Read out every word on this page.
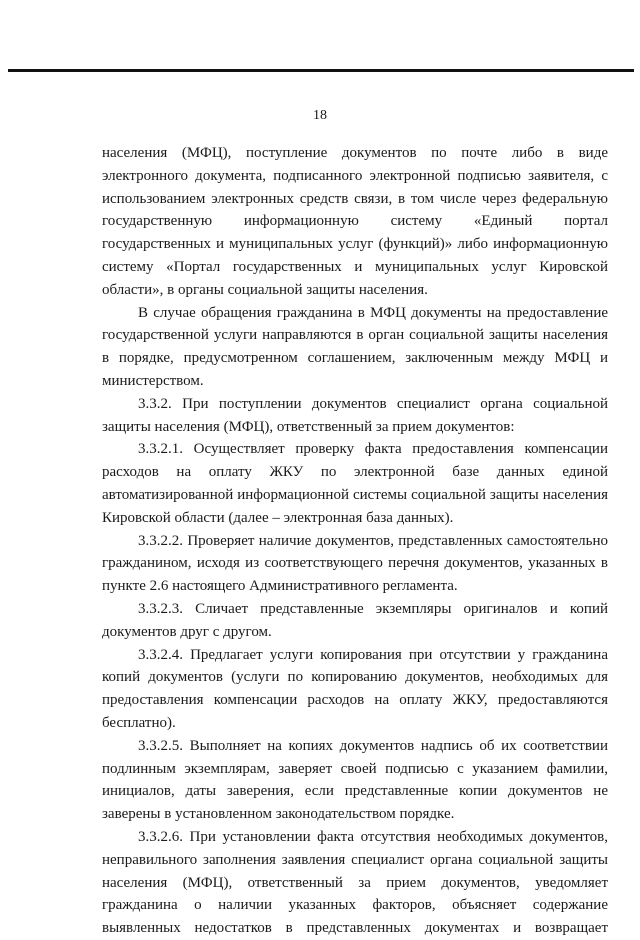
18

населения (МФЦ), поступление документов по почте либо в виде электронного документа, подписанного электронной подписью заявителя, с использованием электронных средств связи, в том числе через федеральную государственную информационную систему «Единый портал государственных и муниципальных услуг (функций)» либо информационную систему «Портал государственных и муниципальных услуг Кировской области», в органы социальной защиты населения.

В случае обращения гражданина в МФЦ документы на предоставление государственной услуги направляются в орган социальной защиты населения в порядке, предусмотренном соглашением, заключенным между МФЦ и министерством.

3.3.2. При поступлении документов специалист органа социальной защиты населения (МФЦ), ответственный за прием документов:

3.3.2.1. Осуществляет проверку факта предоставления компенсации расходов на оплату ЖКУ по электронной базе данных единой автоматизированной информационной системы социальной защиты населения Кировской области (далее – электронная база данных).

3.3.2.2. Проверяет наличие документов, представленных самостоятельно гражданином, исходя из соответствующего перечня документов, указанных в пункте 2.6 настоящего Административного регламента.

3.3.2.3. Сличает представленные экземпляры оригиналов и копий документов друг с другом.

3.3.2.4. Предлагает услуги копирования при отсутствии у гражданина копий документов (услуги по копированию документов, необходимых для предоставления компенсации расходов на оплату ЖКУ, предоставляются бесплатно).

3.3.2.5. Выполняет на копиях документов надпись об их соответствии подлинным экземплярам, заверяет своей подписью с указанием фамилии, инициалов, даты заверения, если представленные копии документов не заверены в установленном законодательством порядке.

3.3.2.6. При установлении факта отсутствия необходимых документов, неправильного заполнения заявления специалист органа социальной защиты населения (МФЦ), ответственный за прием документов, уведомляет гражданина о наличии указанных факторов, объясняет содержание выявленных недостатков в представленных документах и возвращает
